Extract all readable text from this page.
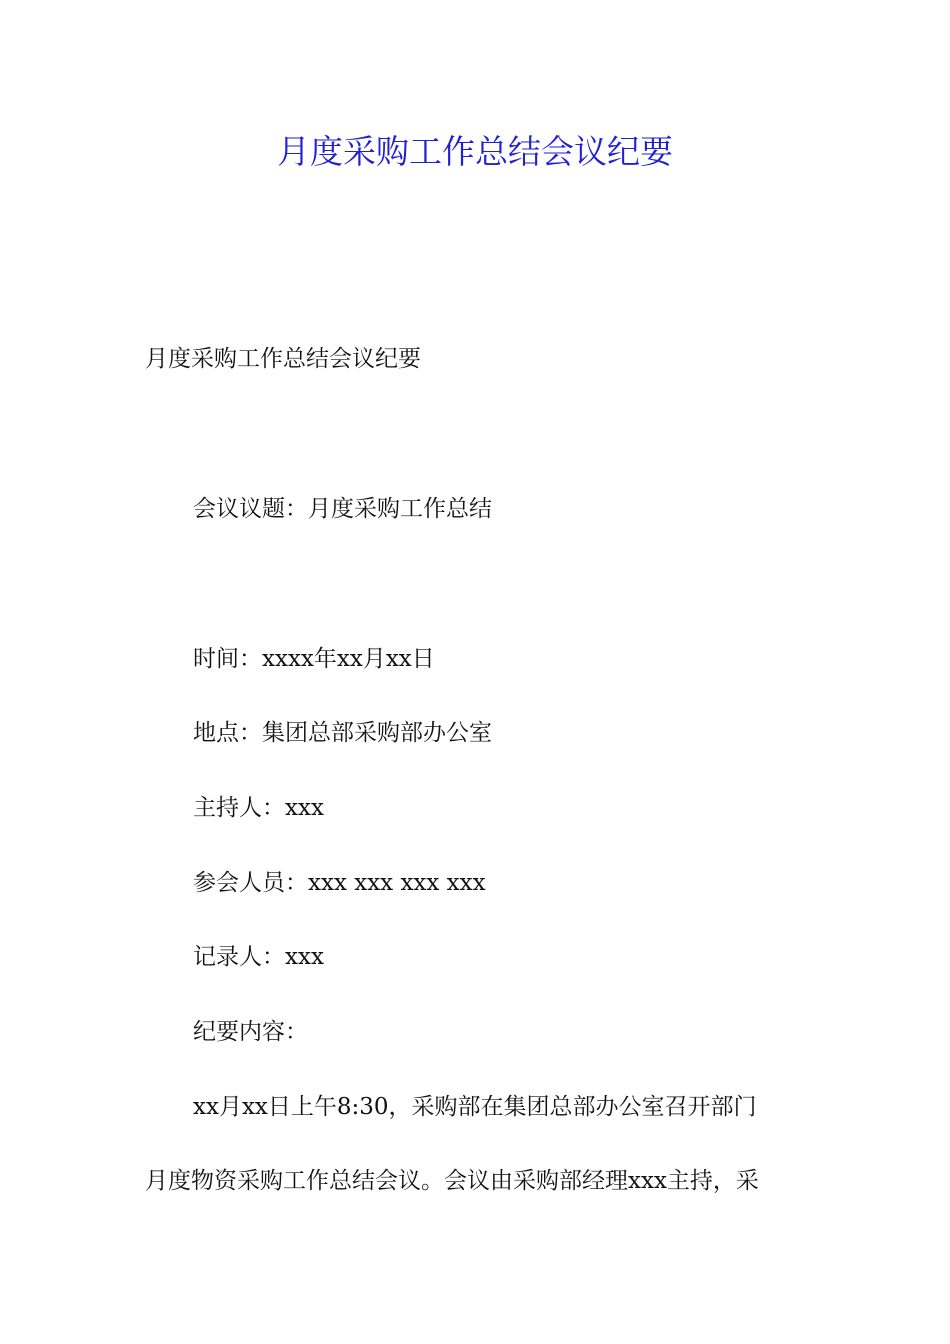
月度采购工作总结会议纪要
月度采购工作总结会议纪要
会议议题：月度采购工作总结
时间：xxxx年xx月xx日
地点：集团总部采购部办公室
主持人：xxx
参会人员：xxx xxx xxx xxx
记录人：xxx
纪要内容：
xx月xx日上午8:30，采购部在集团总部办公室召开部门
月度物资采购工作总结会议。会议由采购部经理xxx主持，采
